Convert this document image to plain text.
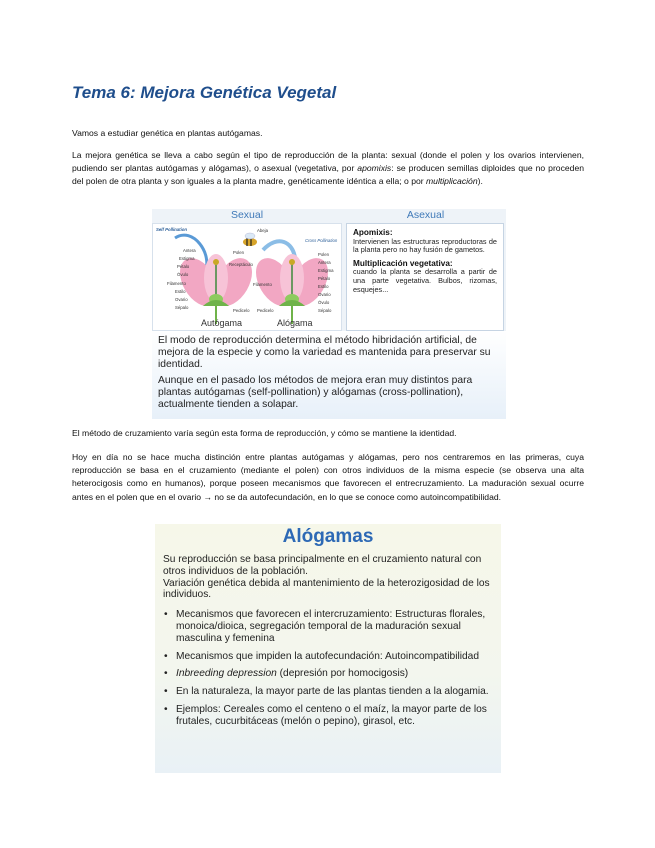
Tema 6: Mejora Genética Vegetal
Vamos a estudiar genética en plantas autógamas.
La mejora genética se lleva a cabo según el tipo de reproducción de la planta: sexual (donde el polen y los ovarios intervienen, pudiendo ser plantas autógamas y alógamas), o asexual (vegetativa, por apomixis: se producen semillas diploides que no proceden del polen de otra planta y son iguales a la planta madre, genéticamente idéntica a ella; o por multiplicación).
Sexual	Asexual
Self Pollination
Cross Pollination
Abeja
Antera
Estigma
Pétalo
Óvulo
Filamento
Estilo
Ovario
Sépalo
Receptáculo
Pedicelo
Polen	Polen
Antera
Estigma
Pétalo
Estilo
Ovario
Óvulo
Sépalo
Filamento
Pedicelo
Autógama	Alógama
Apomixis:

Intervienen las estructuras reproductoras de la planta pero no hay fusión de gametos.

Multiplicación vegetativa:

cuando la planta se desarrolla a partir de una parte vegetativa. Bulbos, rizomas, esquejes...

El modo de reproducción determina el método hibridación artificial, de mejora de la especie y como la variedad es mantenida para preservar su identidad.

Aunque en el pasado los métodos de mejora eran muy distintos para plantas autógamas (self-pollination) y alógamas (cross-pollination), actualmente tienden a solapar.

El método de cruzamiento varía según esta forma de reproducción, y cómo se mantiene la identidad.
Hoy en día no se hace mucha distinción entre plantas autógamas y alógamas, pero nos centraremos en las primeras, cuya reproducción se basa en el cruzamiento (mediante el polen) con otros individuos de la misma especie (se observa una alta heterocigosis como en humanos), porque poseen mecanismos que favorecen el entrecruzamiento. La maduración sexual ocurre antes en el polen que en el ovario → no se da autofecundación, en lo que se conoce como autoincompatibilidad.
Alógamas

Su reproducción se basa principalmente en el cruzamiento natural con otros individuos de la población.
Variación genética debida al mantenimiento de la heterozigosidad de los individuos.

• Mecanismos que favorecen el intercruzamiento: Estructuras florales, monoica/dioica, segregación temporal de la maduración sexual masculina y femenina
• Mecanismos que impiden la autofecundación: Autoincompatibilidad
• Inbreeding depression (depresión por homocigosis)
• En la naturaleza, la mayor parte de las plantas tienden a la alogamia.
• Ejemplos: Cereales como el centeno o el maíz, la mayor parte de los frutales, cucurbitáceas (melón o pepino), girasol, etc.
